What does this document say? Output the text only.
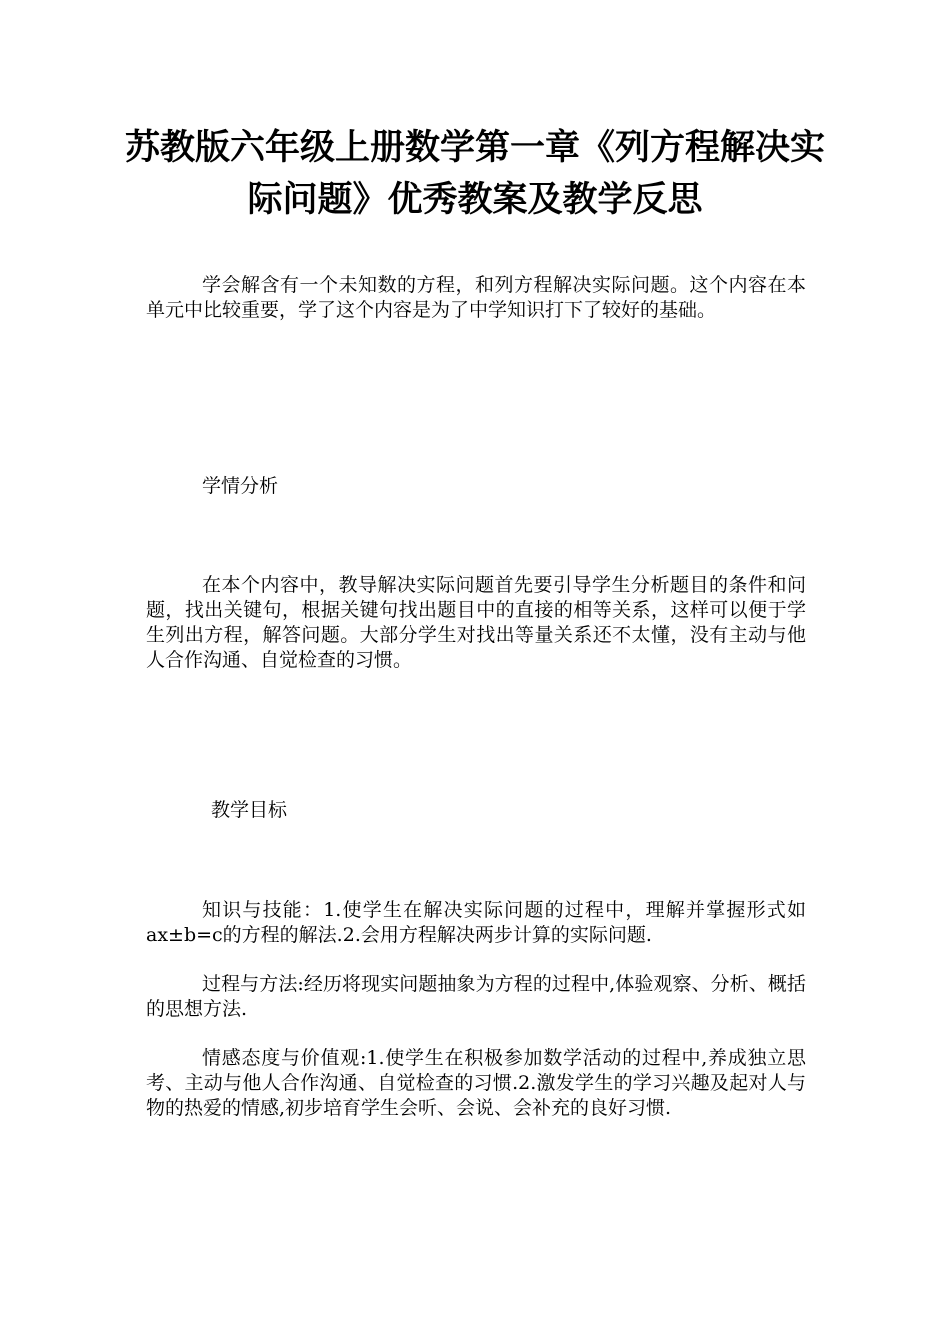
苏教版六年级上册数学第一章《列方程解决实际问题》优秀教案及教学反思

学会解含有一个未知数的方程，和列方程解决实际问题。这个内容在本单元中比较重要，学了这个内容是为了中学知识打下了较好的基础。

学情分析

在本个内容中，教导解决实际问题首先要引导学生分析题目的条件和问题，找出关键句，根据关键句找出题目中的直接的相等关系，这样可以便于学生列出方程，解答问题。大部分学生对找出等量关系还不太懂，没有主动与他人合作沟通、自觉检查的习惯。

教学目标

知识与技能：1.使学生在解决实际问题的过程中，理解并掌握形式如ax±b=c的方程的解法.2.会用方程解决两步计算的实际问题.

过程与方法:经历将现实问题抽象为方程的过程中,体验观察、分析、概括的思想方法.

情感态度与价值观:1.使学生在积极参加数学活动的过程中,养成独立思考、主动与他人合作沟通、自觉检查的习惯.2.激发学生的学习兴趣及起对人与物的热爱的情感,初步培育学生会听、会说、会补充的良好习惯.
